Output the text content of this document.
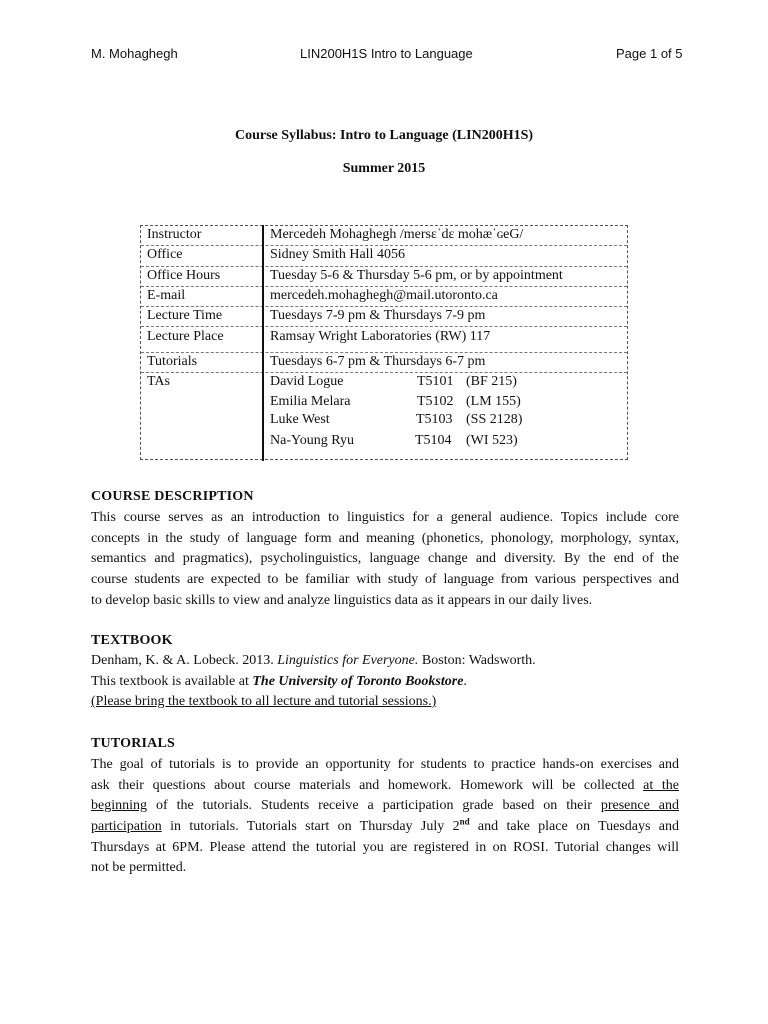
M. Mohaghegh	LIN200H1S Intro to Language	Page 1 of 5
Course Syllabus: Intro to Language (LIN200H1S)
Summer 2015
Instructor	Mercedeh Mohaghegh /mersɛˈdɛ mohæˈɢeG/
Office	Sidney Smith Hall 4056
Office Hours	Tuesday 5-6 & Thursday 5-6 pm, or by appointment
E-mail	mercedeh.mohaghegh@mail.utoronto.ca
Lecture Time	Tuesdays 7-9 pm & Thursdays 7-9 pm
Lecture Place	Ramsay Wright Laboratories (RW) 117
Tutorials	Tuesdays 6-7 pm & Thursdays 6-7 pm
TAs	David Logue	T5101 (BF 215)
Emilia Melara	T5102 (LM 155)
Luke West	T5103 (SS 2128)
Na-Young Ryu	T5104 (WI 523)
COURSE DESCRIPTION
This course serves as an introduction to linguistics for a general audience. Topics include core
concepts in the study of language form and meaning (phonetics, phonology, morphology, syntax,
semantics and pragmatics), psycholinguistics, language change and diversity. By the end of the
course students are expected to be familiar with study of language from various perspectives and
to develop basic skills to view and analyze linguistics data as it appears in our daily lives.
TEXTBOOK
Denham, K. & A. Lobeck. 2013. Linguistics for Everyone. Boston: Wadsworth.
This textbook is available at The University of Toronto Bookstore.
(Please bring the textbook to all lecture and tutorial sessions.)
TUTORIALS
The goal of tutorials is to provide an opportunity for students to practice hands-on exercises and
ask their questions about course materials and homework. Homework will be collected at the
beginning of the tutorials. Students receive a participation grade based on their presence and
participation in tutorials. Tutorials start on Thursday July 2nd and take place on Tuesdays and
Thursdays at 6PM. Please attend the tutorial you are registered in on ROSI. Tutorial changes will
not be permitted.
